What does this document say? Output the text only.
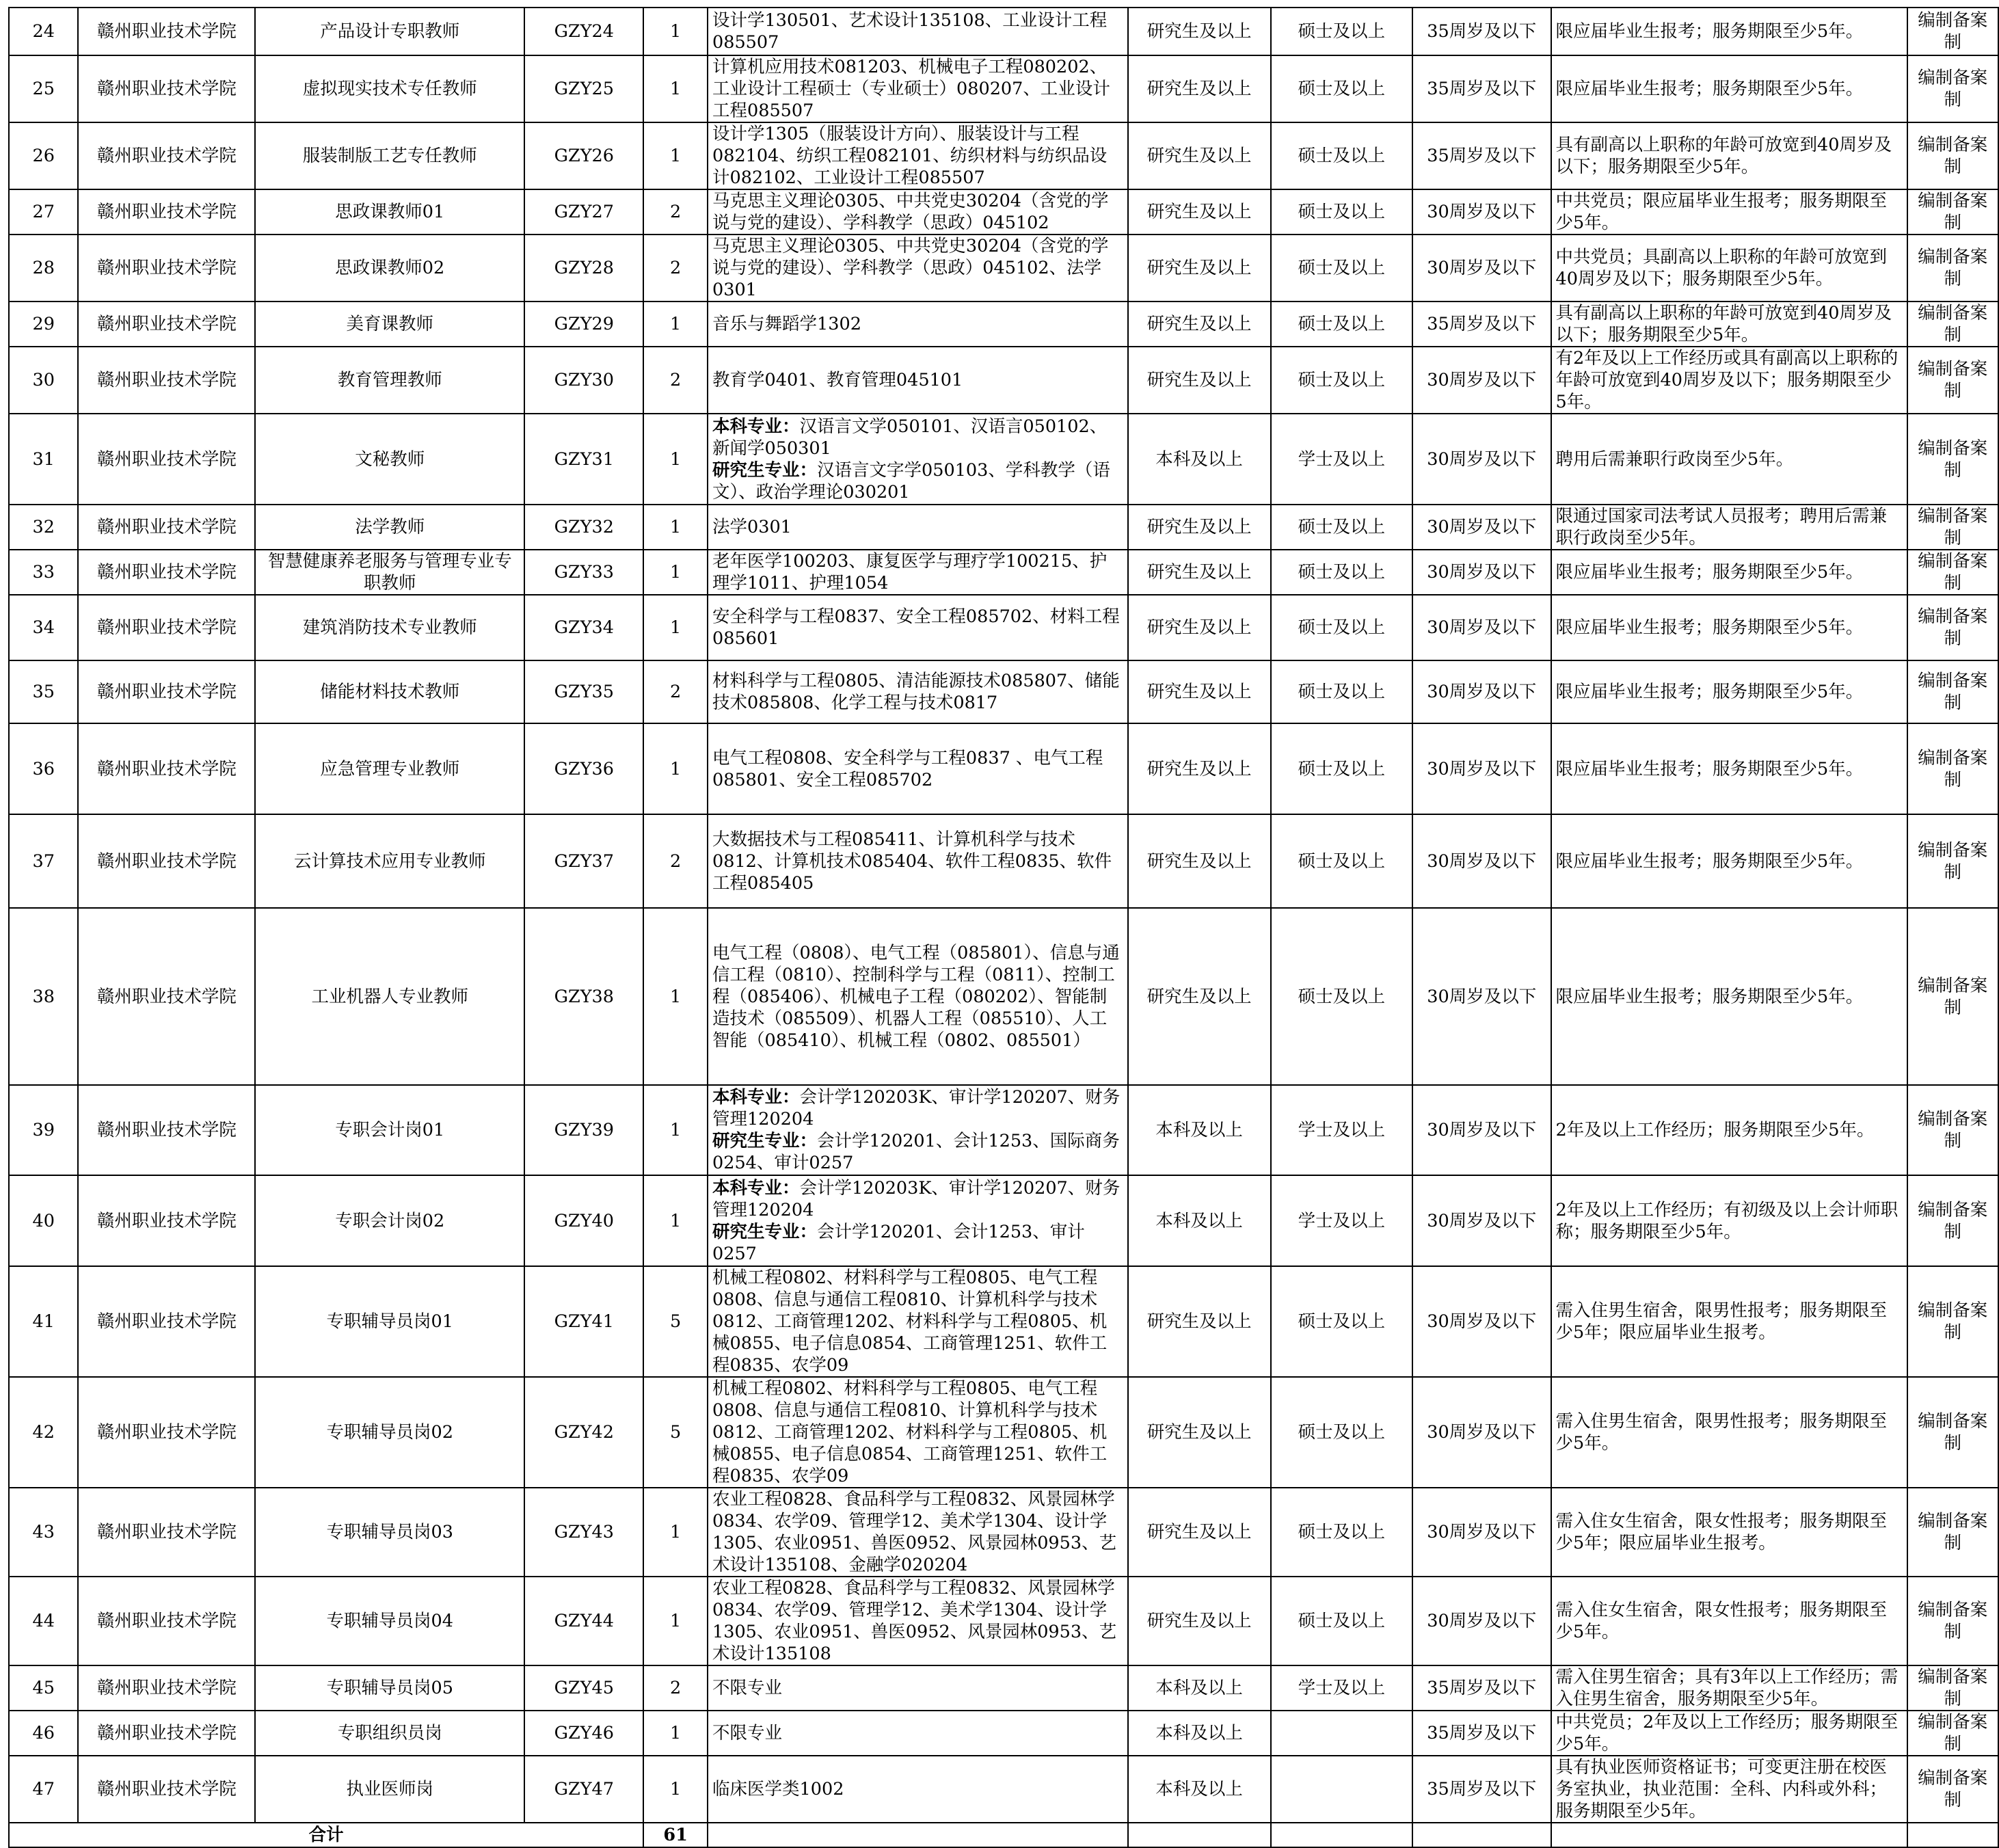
24	赣州职业技术学院	产品设计专职教师	GZY24	1	设计学130501、艺术设计135108、工业设计工程085507	研究生及以上	硕士及以上	35周岁及以下	限应届毕业生报考；服务期限至少5年。	编制备案制
25	赣州职业技术学院	虚拟现实技术专任教师	GZY25	1	计算机应用技术081203、机械电子工程080202、工业设计工程硕士（专业硕士）080207、工业设计工程085507	研究生及以上	硕士及以上	35周岁及以下	限应届毕业生报考；服务期限至少5年。	编制备案制
26	赣州职业技术学院	服装制版工艺专任教师	GZY26	1	设计学1305（服装设计方向）、服装设计与工程082104、纺织工程082101、纺织材料与纺织品设计082102、工业设计工程085507	研究生及以上	硕士及以上	35周岁及以下	具有副高以上职称的年龄可放宽到40周岁及以下；服务期限至少5年。	编制备案制
27	赣州职业技术学院	思政课教师01	GZY27	2	马克思主义理论0305、中共党史30204（含党的学说与党的建设）、学科教学（思政）045102	研究生及以上	硕士及以上	30周岁及以下	中共党员；限应届毕业生报考；服务期限至少5年。	编制备案制
28	赣州职业技术学院	思政课教师02	GZY28	2	马克思主义理论0305、中共党史30204（含党的学说与党的建设）、学科教学（思政）045102、法学0301	研究生及以上	硕士及以上	30周岁及以下	中共党员；具副高以上职称的年龄可放宽到40周岁及以下；服务期限至少5年。	编制备案制
29	赣州职业技术学院	美育课教师	GZY29	1	音乐与舞蹈学1302	研究生及以上	硕士及以上	35周岁及以下	具有副高以上职称的年龄可放宽到40周岁及以下；服务期限至少5年。	编制备案制
30	赣州职业技术学院	教育管理教师	GZY30	2	教育学0401、教育管理045101	研究生及以上	硕士及以上	30周岁及以下	有2年及以上工作经历或具有副高以上职称的年龄可放宽到40周岁及以下；服务期限至少5年。	编制备案制
31	赣州职业技术学院	文秘教师	GZY31	1	本科专业：汉语言文学050101、汉语言050102、新闻学050301
研究生专业：汉语言文字学050103、学科教学（语文）、政治学理论030201	本科及以上	学士及以上	30周岁及以下	聘用后需兼职行政岗至少5年。	编制备案制
32	赣州职业技术学院	法学教师	GZY32	1	法学0301	研究生及以上	硕士及以上	30周岁及以下	限通过国家司法考试人员报考；聘用后需兼职行政岗至少5年。	编制备案制
33	赣州职业技术学院	智慧健康养老服务与管理专业专职教师	GZY33	1	老年医学100203、康复医学与理疗学100215、护理学1011、护理1054	研究生及以上	硕士及以上	30周岁及以下	限应届毕业生报考；服务期限至少5年。	编制备案制
34	赣州职业技术学院	建筑消防技术专业教师	GZY34	1	安全科学与工程0837、安全工程085702、材料工程085601	研究生及以上	硕士及以上	30周岁及以下	限应届毕业生报考；服务期限至少5年。	编制备案制
35	赣州职业技术学院	储能材料技术教师	GZY35	2	材料科学与工程0805、清洁能源技术085807、储能技术085808、化学工程与技术0817	研究生及以上	硕士及以上	30周岁及以下	限应届毕业生报考；服务期限至少5年。	编制备案制
36	赣州职业技术学院	应急管理专业教师	GZY36	1	电气工程0808、安全科学与工程0837 、电气工程085801、安全工程085702	研究生及以上	硕士及以上	30周岁及以下	限应届毕业生报考；服务期限至少5年。	编制备案制
37	赣州职业技术学院	云计算技术应用专业教师	GZY37	2	大数据技术与工程085411、计算机科学与技术0812、计算机技术085404、软件工程0835、软件工程085405	研究生及以上	硕士及以上	30周岁及以下	限应届毕业生报考；服务期限至少5年。	编制备案制
38	赣州职业技术学院	工业机器人专业教师	GZY38	1	电气工程（0808）、电气工程（085801）、信息与通信工程（0810）、控制科学与工程（0811）、控制工程（085406）、机械电子工程（080202）、智能制造技术（085509）、机器人工程（085510）、人工智能（085410）、机械工程（0802、085501）	研究生及以上	硕士及以上	30周岁及以下	限应届毕业生报考；服务期限至少5年。	编制备案制
39	赣州职业技术学院	专职会计岗01	GZY39	1	本科专业：会计学120203K、审计学120207、财务管理120204
研究生专业：会计学120201、会计1253、国际商务0254、审计0257	本科及以上	学士及以上	30周岁及以下	2年及以上工作经历；服务期限至少5年。	编制备案制
40	赣州职业技术学院	专职会计岗02	GZY40	1	本科专业：会计学120203K、审计学120207、财务管理120204
研究生专业：会计学120201、会计1253、审计0257	本科及以上	学士及以上	30周岁及以下	2年及以上工作经历；有初级及以上会计师职称；服务期限至少5年。	编制备案制
41	赣州职业技术学院	专职辅导员岗01	GZY41	5	机械工程0802、材料科学与工程0805、电气工程0808、信息与通信工程0810、计算机科学与技术0812、工商管理1202、材料科学与工程0805、机械0855、电子信息0854、工商管理1251、软件工程0835、农学09	研究生及以上	硕士及以上	30周岁及以下	需入住男生宿舍，限男性报考；服务期限至少5年；限应届毕业生报考。	编制备案制
42	赣州职业技术学院	专职辅导员岗02	GZY42	5	机械工程0802、材料科学与工程0805、电气工程0808、信息与通信工程0810、计算机科学与技术0812、工商管理1202、材料科学与工程0805、机械0855、电子信息0854、工商管理1251、软件工程0835、农学09	研究生及以上	硕士及以上	30周岁及以下	需入住男生宿舍，限男性报考；服务期限至少5年。	编制备案制
43	赣州职业技术学院	专职辅导员岗03	GZY43	1	农业工程0828、食品科学与工程0832、风景园林学0834、农学09、管理学12、美术学1304、设计学1305、农业0951、兽医0952、风景园林0953、艺术设计135108、金融学020204	研究生及以上	硕士及以上	30周岁及以下	需入住女生宿舍，限女性报考；服务期限至少5年；限应届毕业生报考。	编制备案制
44	赣州职业技术学院	专职辅导员岗04	GZY44	1	农业工程0828、食品科学与工程0832、风景园林学0834、农学09、管理学12、美术学1304、设计学1305、农业0951、兽医0952、风景园林0953、艺术设计135108	研究生及以上	硕士及以上	30周岁及以下	需入住女生宿舍，限女性报考；服务期限至少5年。	编制备案制
45	赣州职业技术学院	专职辅导员岗05	GZY45	2	不限专业	本科及以上	学士及以上	35周岁及以下	需入住男生宿舍；具有3年以上工作经历；需入住男生宿舍，服务期限至少5年。	编制备案制
46	赣州职业技术学院	专职组织员岗	GZY46	1	不限专业	本科及以上		35周岁及以下	中共党员；2年及以上工作经历；服务期限至少5年。	编制备案制
47	赣州职业技术学院	执业医师岗	GZY47	1	临床医学类1002	本科及以上		35周岁及以下	具有执业医师资格证书；可变更注册在校医务室执业，执业范围：全科、内科或外科；服务期限至少5年。	编制备案制
合计				61						
